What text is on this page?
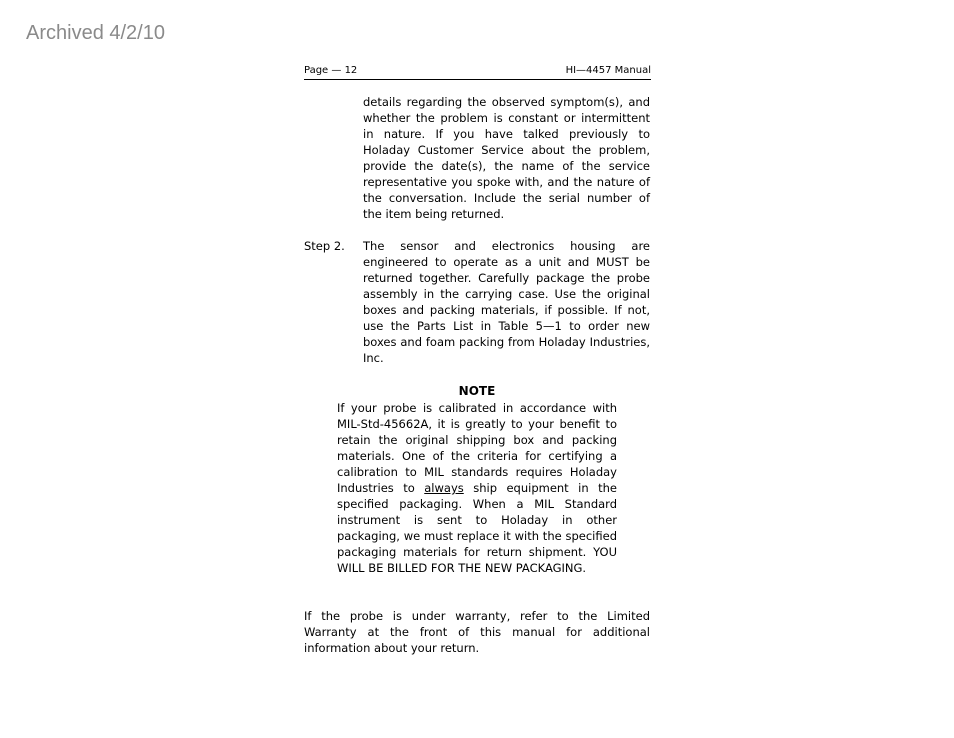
Archived 4/2/10
Page — 12	HI—4457 Manual
details regarding the observed symptom(s), and whether the problem is constant or intermittent in nature. If you have talked previously to Holaday Customer Service about the problem, provide the date(s), the name of the service representative you spoke with, and the nature of the conversation. Include the serial number of the item being returned.
Step 2. The sensor and electronics housing are engineered to operate as a unit and MUST be returned together. Carefully package the probe assembly in the carrying case. Use the original boxes and packing materials, if possible. If not, use the Parts List in Table 5—1 to order new boxes and foam packing from Holaday Industries, Inc.
NOTE
If your probe is calibrated in accordance with MIL-Std-45662A, it is greatly to your benefit to retain the original shipping box and packing materials. One of the criteria for certifying a calibration to MIL standards requires Holaday Industries to always ship equipment in the specified packaging. When a MIL Standard instrument is sent to Holaday in other packaging, we must replace it with the specified packaging materials for return shipment. YOU WILL BE BILLED FOR THE NEW PACKAGING.
If the probe is under warranty, refer to the Limited Warranty at the front of this manual for additional information about your return.
